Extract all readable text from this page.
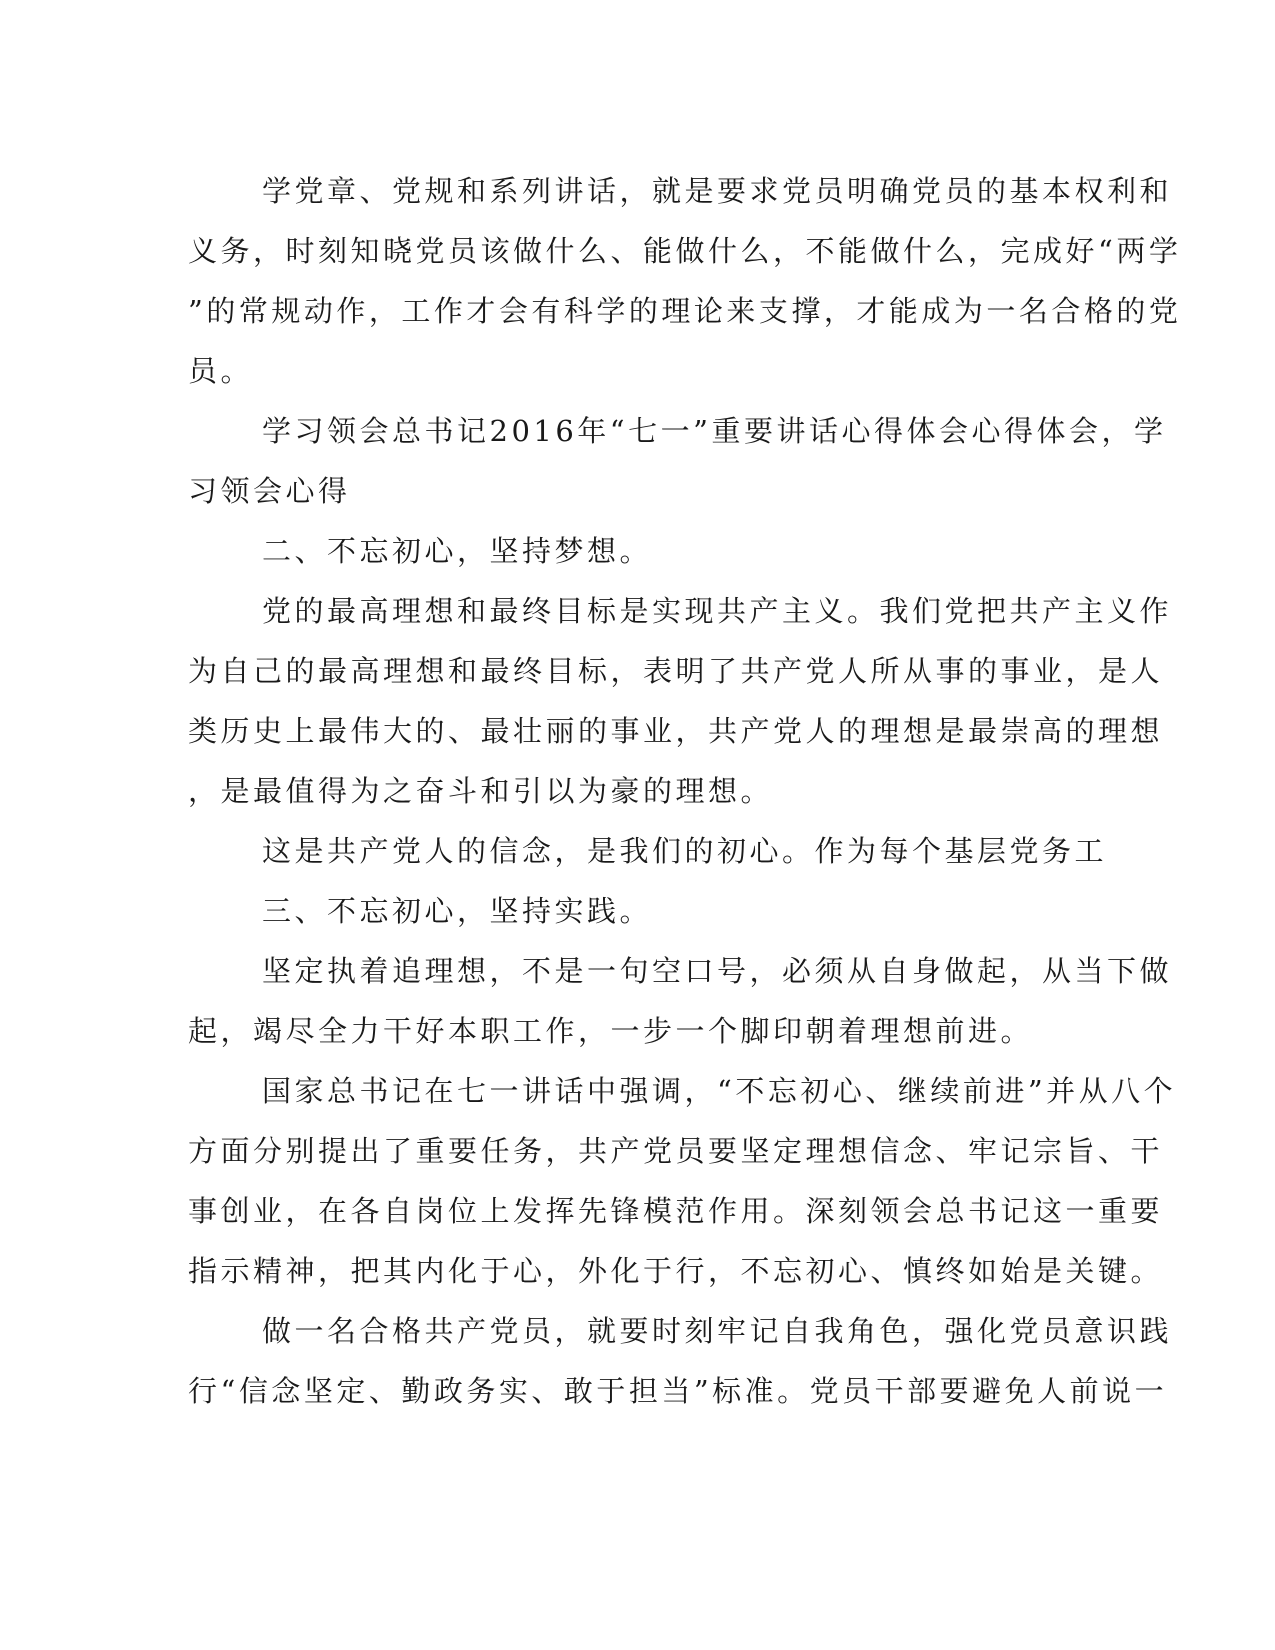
学党章、党规和系列讲话，就是要求党员明确党员的基本权利和
义务，时刻知晓党员该做什么、能做什么，不能做什么，完成好“两学
”的常规动作，工作才会有科学的理论来支撑，才能成为一名合格的党
员。
学习领会总书记2016年“七一”重要讲话心得体会心得体会，学
习领会心得
二、不忘初心，坚持梦想。
党的最高理想和最终目标是实现共产主义。我们党把共产主义作
为自己的最高理想和最终目标，表明了共产党人所从事的事业，是人
类历史上最伟大的、最壮丽的事业，共产党人的理想是最崇高的理想
，是最值得为之奋斗和引以为豪的理想。
这是共产党人的信念，是我们的初心。作为每个基层党务工
三、不忘初心，坚持实践。
坚定执着追理想，不是一句空口号，必须从自身做起，从当下做
起，竭尽全力干好本职工作，一步一个脚印朝着理想前进。
国家总书记在七一讲话中强调，“不忘初心、继续前进”并从八个
方面分别提出了重要任务，共产党员要坚定理想信念、牢记宗旨、干
事创业，在各自岗位上发挥先锋模范作用。深刻领会总书记这一重要
指示精神，把其内化于心，外化于行，不忘初心、慎终如始是关键。
做一名合格共产党员，就要时刻牢记自我角色，强化党员意识践
行“信念坚定、勤政务实、敢于担当”标准。党员干部要避免人前说一
